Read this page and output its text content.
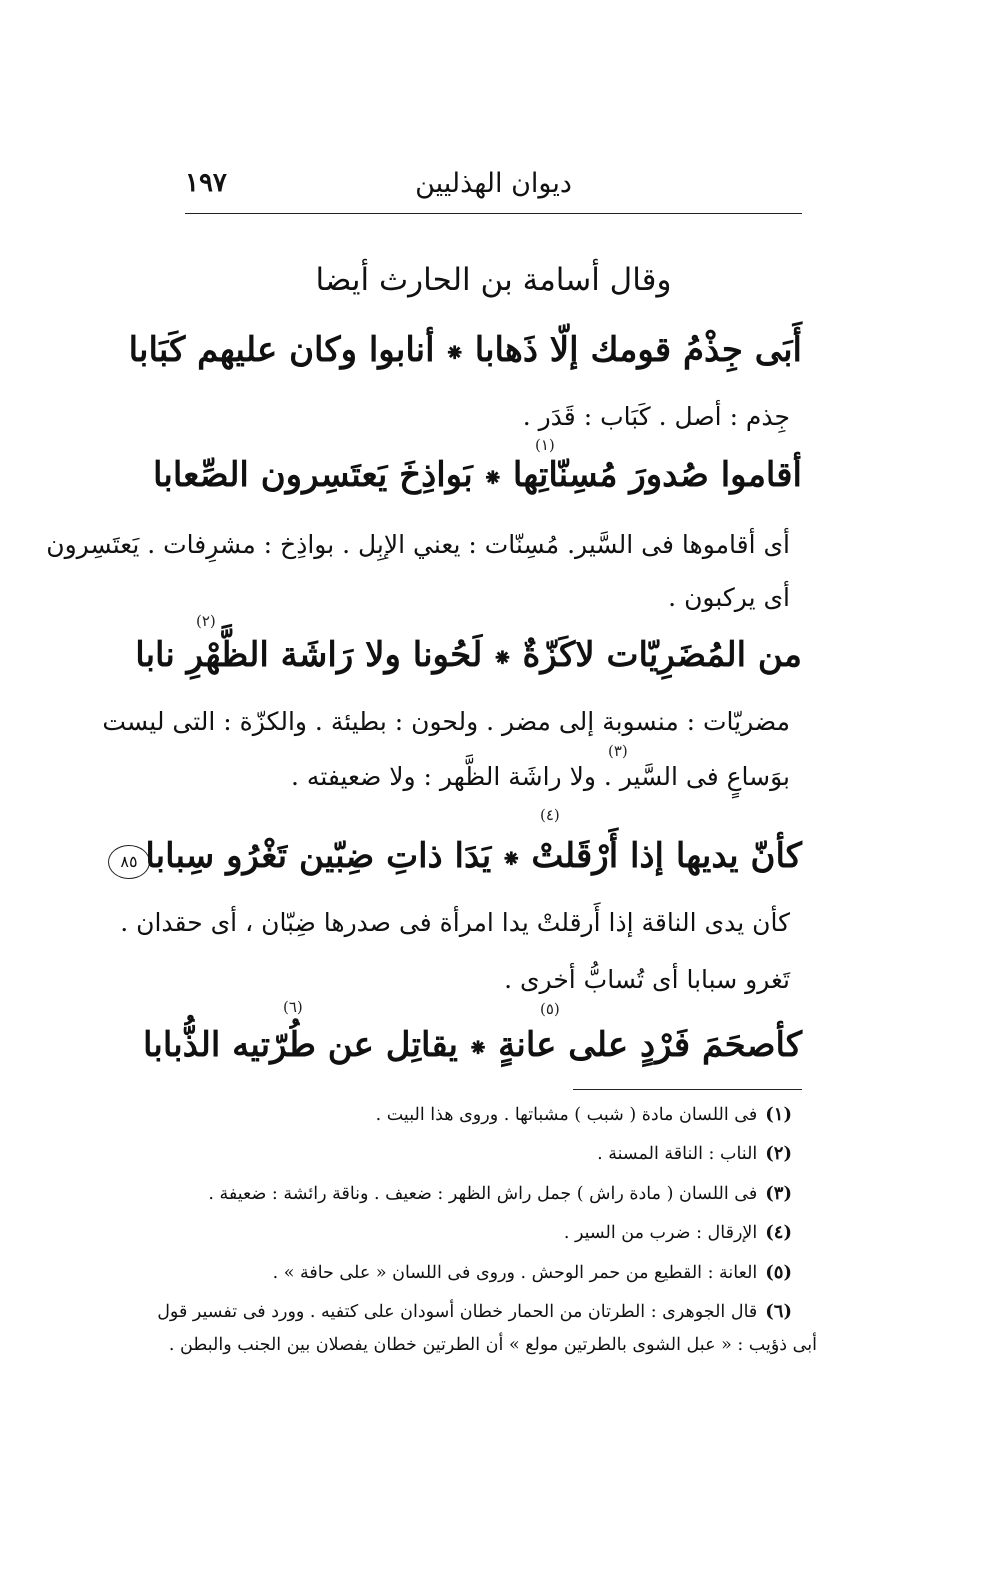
ديوان الهذليين
١٩٧
وقال أسامة بن الحارث أيضا
أَبَى جِذْمُ قومك إلّا ذَهابا
⁕
أنابوا وكان عليهم كَبَابا
جِذم : أصل . كَبَاب : قَدَر .
(١)
أقاموا صُدورَ مُسِنّاتِها
⁕
بَواذِخَ يَعتَسِرون الصِّعابا
أى أقاموها فى السَّير. مُسِنّات : يعني الإبِل . بواذِخ : مشرِفات . يَعتَسِرون
أى يركبون .
(٢)
من المُضَرِيّات لاكَزّةٌ
⁕
لَحُونا ولا رَاشَة الظَّهْرِ نابا
مضريّات : منسوبة إلى مضر . ولحون : بطيئة . والكزّة : التى ليست
(٣)
بوَساعٍ فى السَّير . ولا راشَة الظَّهر : ولا ضعيفته .
(٤)
٨٥	كأنّ يديها إذا أَرْقَلتْ
⁕
يَدَا ذاتِ ضِبّين تَغْرُو سِبابا
كأن يدى الناقة إذا أَرقلتْ يدا امرأة فى صدرها ضِبّان ، أى حقدان .
تَغرو سبابا أى تُسابُّ أخرى .
(٥)
(٦)
كأصحَمَ فَرْدٍ على عانةٍ
⁕
يقاتِل عن طُرّتيه الذُّبابا
(١)فى اللسان مادة ( شبب ) مشباتها . وروى هذا البيت .
(٢)الناب : الناقة المسنة .
(٣)فى اللسان ( مادة راش ) جمل راش الظهر : ضعيف . وناقة رائشة : ضعيفة .
(٤)الإرقال : ضرب من السير .
(٥)العانة : القطيع من حمر الوحش . وروى فى اللسان « على حافة » .
(٦)قال الجوهرى : الطرتان من الحمار خطان أسودان على كتفيه . وورد فى تفسير قول
أبى ذؤيب : « عبل الشوى بالطرتين مولع » أن الطرتين خطان يفصلان بين الجنب والبطن .
